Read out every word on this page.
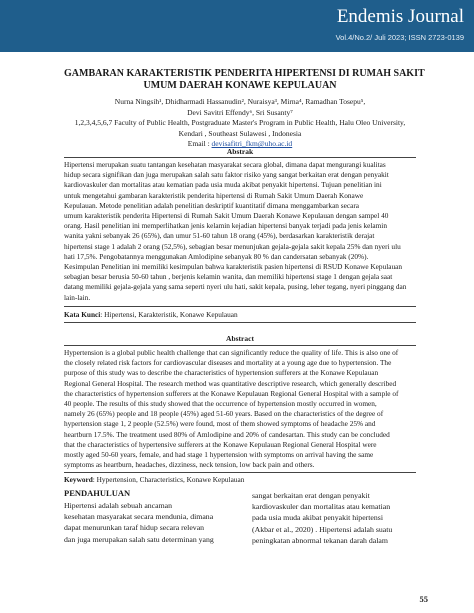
Endemis Journal
Vol.4/No.2/ Juli 2023; ISSN 2723-0139
GAMBARAN KARAKTERISTIK PENDERITA HIPERTENSI DI RUMAH SAKIT
UMUM DAERAH KONAWE KEPULAUAN
Nurna Ningsih¹, Dhidharmadi Hassanudin², Nuraisya³, Mirna⁴, Ramadhan Tosepu⁵,
Devi Savitri Effendy⁶, Sri Susanty⁷
1,2,3,4,5,6,7 Faculty of Public Health, Postgraduate Master's Program in Public Health, Halu Oleo University,
Kendari , Southeast Sulawesi , Indonesia
Email : devisafitri_fkm@uho.ac.id
Abstrak
Hipertensi merupakan suatu tantangan kesehatan masyarakat secara global, dimana dapat mengurangi kualitas
hidup secara signifikan dan juga merupakan salah satu faktor risiko yang sangat berkaitan erat dengan penyakit
kardiovaskuler dan mortalitas atau kematian pada usia muda akibat penyakit hipertensi. Tujuan penelitian ini
untuk mengetahui gambaran karakteristik penderita hipertensi di Rumah Sakit Umum Daerah Konawe
Kepulauan. Metode penelitian adalah penelitian deskriptif kuantitatif dimana menggambarkan secara
umum karakteristik penderita Hipertensi di Rumah Sakit Umum Daerah Konawe Kepulauan dengan sampel 40
orang. Hasil penelitian ini memperlihatkan jenis kelamin kejadian hipertensi banyak terjadi pada jenis kelamin
wanita yakni sebanyak 26 (65%), dan umur 51-60 tahun 18 orang (45%), berdasarkan karakteristik derajat
hipertensi stage 1 adalah 2 orang (52,5%), sebagian besar menunjukan gejala-gejala sakit kepala 25% dan nyeri ulu
hati 17,5%. Pengobatannya menggunakan Amlodipine sebanyak 80 % dan candersatan sebanyak (20%).
Kesimpulan Penelitian ini memiliki kesimpulan bahwa karakteristik pasien hipertensi di RSUD Konawe Kepulauan
sebagian besar berusia 50-60 tahun , berjenis kelamin wanita, dan memiliki hipertensi stage 1 dengan gejala saat
datang memiliki gejala-gejala yang sama seperti nyeri ulu hati, sakit kepala, pusing, leher tegang, nyeri pinggang dan
lain-lain.
Kata Kunci: Hipertensi, Karakteristik, Konawe Kepulauan
Abstract
Hypertension is a global public health challenge that can significantly reduce the quality of life. This is also one of
the closely related risk factors for cardiovascular diseases and mortality at a young age due to hypertension. The
purpose of this study was to describe the characteristics of hypertension sufferers at the Konawe Kepulauan
Regional General Hospital. The research method was quantitative descriptive research, which generally described
the characteristics of hypertension sufferers at the Konawe Kepulauan Regional General Hospital with a sample of
40 people. The results of this study showed that the occurrence of hypertension mostly occurred in women,
namely 26 (65%) people and 18 people (45%) aged 51-60 years. Based on the characteristics of the degree of
hypertension stage 1, 2 people (52.5%) were found, most of them showed symptoms of headache 25% and
heartburn 17.5%. The treatment used 80% of Amlodipine and 20% of candesartan. This study can be concluded
that the characteristics of hypertensive sufferers at the Konawe Kepulauan Regional General Hospital were
mostly aged 50-60 years, female, and had stage 1 hypertension with symptoms on arrival having the same
symptoms as heartburn, headaches, dizziness, neck tension, low back pain and others.
Keyword: Hypertension, Characteristics, Konawe Kepulauan
PENDAHULUAN
Hipertensi adalah sebuah ancaman
kesehatan masyarakat secara mendunia, dimana
dapat menurunkan taraf hidup secara relevan
dan juga merupakan salah satu determinan yang
sangat berkaitan erat dengan penyakit
kardiovaskuler dan mortalitas atau kematian
pada usia muda akibat penyakit hipertensi
(Akbar et al., 2020) . Hipertensi adalah suatu
peningkatan abnormal tekanan darah dalam
55
